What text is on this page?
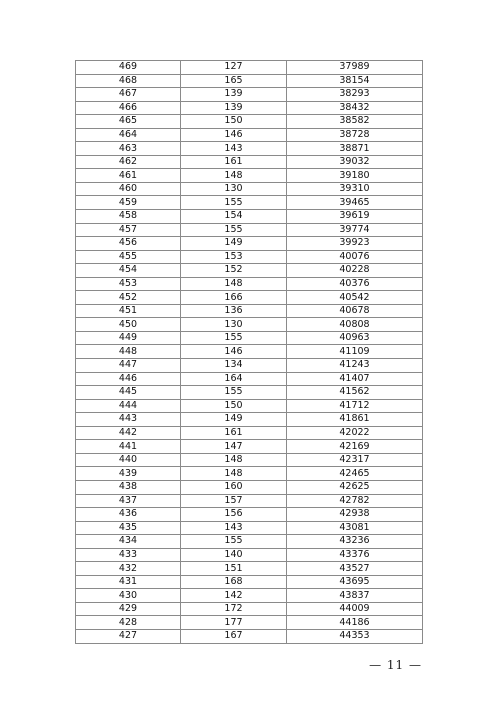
469	127	37989
468	165	38154
467	139	38293
466	139	38432
465	150	38582
464	146	38728
463	143	38871
462	161	39032
461	148	39180
460	130	39310
459	155	39465
458	154	39619
457	155	39774
456	149	39923
455	153	40076
454	152	40228
453	148	40376
452	166	40542
451	136	40678
450	130	40808
449	155	40963
448	146	41109
447	134	41243
446	164	41407
445	155	41562
444	150	41712
443	149	41861
442	161	42022
441	147	42169
440	148	42317
439	148	42465
438	160	42625
437	157	42782
436	156	42938
435	143	43081
434	155	43236
433	140	43376
432	151	43527
431	168	43695
430	142	43837
429	172	44009
428	177	44186
427	167	44353
— 11 —
